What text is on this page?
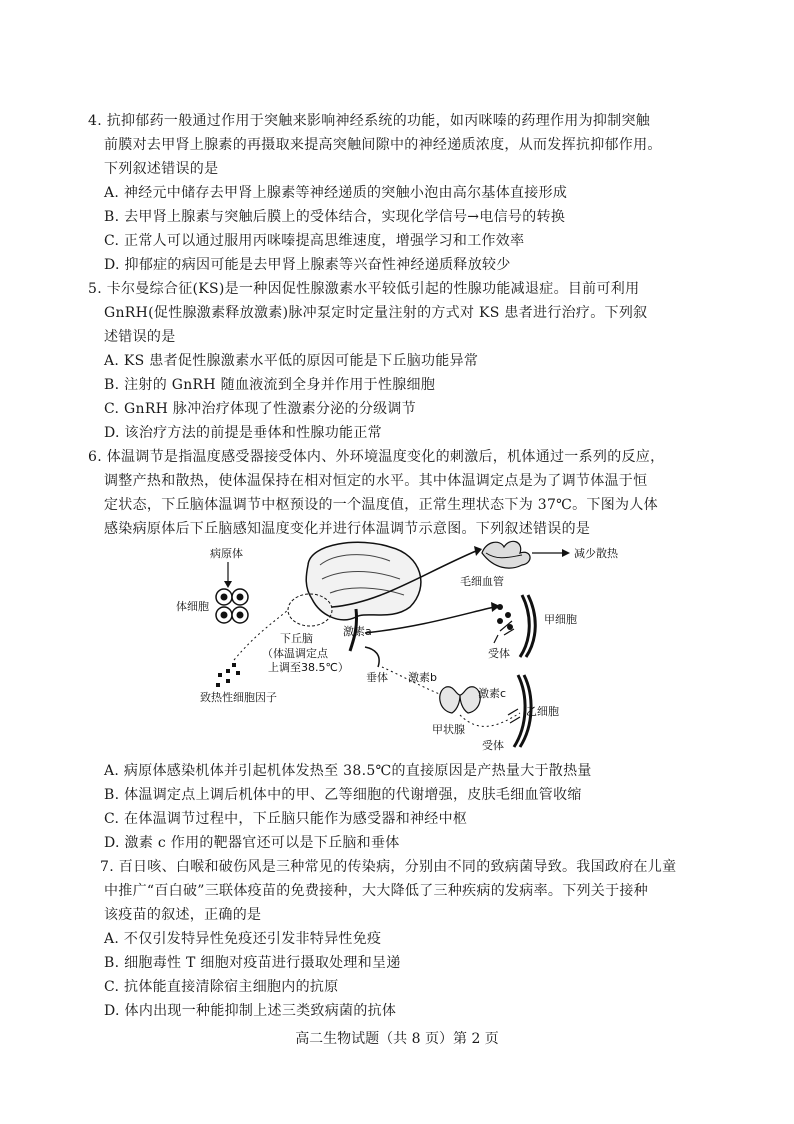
4. 抗抑郁药一般通过作用于突触来影响神经系统的功能，如丙咪嗪的药理作用为抑制突触
前膜对去甲肾上腺素的再摄取来提高突触间隙中的神经递质浓度，从而发挥抗抑郁作用。
下列叙述错误的是
A. 神经元中储存去甲肾上腺素等神经递质的突触小泡由高尔基体直接形成
B. 去甲肾上腺素与突触后膜上的受体结合，实现化学信号→电信号的转换
C. 正常人可以通过服用丙咪嗪提高思维速度，增强学习和工作效率
D. 抑郁症的病因可能是去甲肾上腺素等兴奋性神经递质释放较少
5. 卡尔曼综合征(KS)是一种因促性腺激素水平较低引起的性腺功能减退症。目前可利用
GnRH(促性腺激素释放激素)脉冲泵定时定量注射的方式对 KS 患者进行治疗。下列叙
述错误的是
A. KS 患者促性腺激素水平低的原因可能是下丘脑功能异常
B. 注射的 GnRH 随血液流到全身并作用于性腺细胞
C. GnRH 脉冲治疗体现了性激素分泌的分级调节
D. 该治疗方法的前提是垂体和性腺功能正常
6. 体温调节是指温度感受器接受体内、外环境温度变化的刺激后，机体通过一系列的反应，
调整产热和散热，使体温保持在相对恒定的水平。其中体温调定点是为了调节体温于恒
定状态，下丘脑体温调节中枢预设的一个温度值，正常生理状态下为 37℃。下图为人体
感染病原体后下丘脑感知温度变化并进行体温调节示意图。下列叙述错误的是
病原体
体细胞
致热性细胞因子
下丘脑
（体温调定点
上调至38.5℃）
激素a
垂体 激素b
减少散热
毛细血管
甲细胞
受体
甲状腺
激素c
乙细胞
受体
A. 病原体感染机体并引起机体发热至 38.5℃的直接原因是产热量大于散热量
B. 体温调定点上调后机体中的甲、乙等细胞的代谢增强，皮肤毛细血管收缩
C. 在体温调节过程中，下丘脑只能作为感受器和神经中枢
D. 激素 c 作用的靶器官还可以是下丘脑和垂体
7. 百日咳、白喉和破伤风是三种常见的传染病，分别由不同的致病菌导致。我国政府在儿童
中推广“百白破”三联体疫苗的免费接种，大大降低了三种疾病的发病率。下列关于接种
该疫苗的叙述，正确的是
A. 不仅引发特异性免疫还引发非特异性免疫
B. 细胞毒性 T 细胞对疫苗进行摄取处理和呈递
C. 抗体能直接清除宿主细胞内的抗原
D. 体内出现一种能抑制上述三类致病菌的抗体
高二生物试题（共 8 页）第 2 页
